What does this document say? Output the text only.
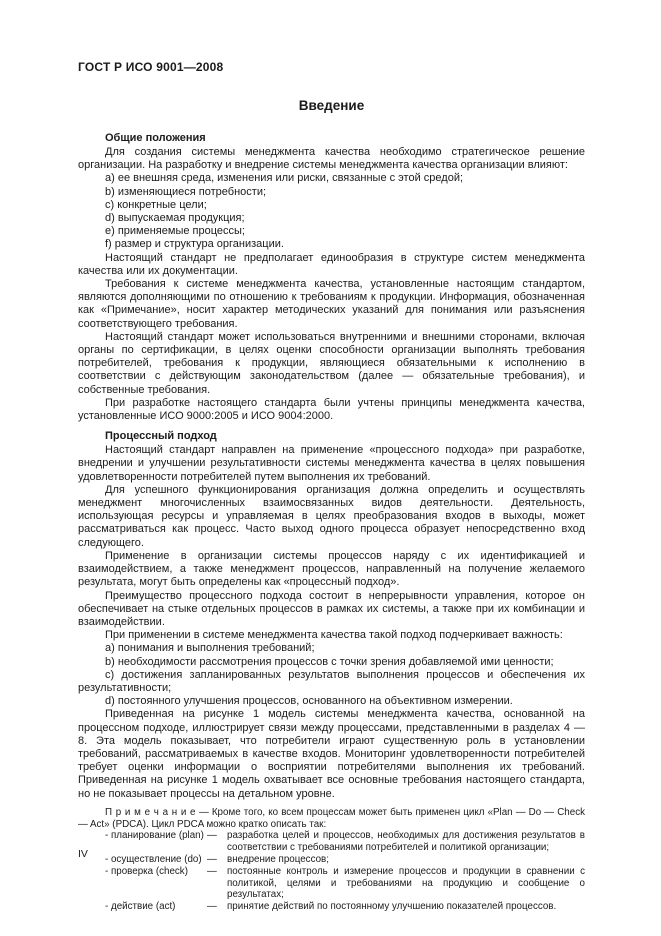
ГОСТ Р ИСО 9001—2008
Введение
Общие положения

Для создания системы менеджмента качества необходимо стратегическое решение организации. На разработку и внедрение системы менеджмента качества организации влияют:

a) ее внешняя среда, изменения или риски, связанные с этой средой;

b) изменяющиеся потребности;

c) конкретные цели;

d) выпускаемая продукция;

e) применяемые процессы;

f) размер и структура организации.

Настоящий стандарт не предполагает единообразия в структуре систем менеджмента качества или их документации.

Требования к системе менеджмента качества, установленные настоящим стандартом, являются дополняющими по отношению к требованиям к продукции. Информация, обозначенная как «Примечание», носит характер методических указаний для понимания или разъяснения соответствующего требования.

Настоящий стандарт может использоваться внутренними и внешними сторонами, включая органы по сертификации, в целях оценки способности организации выполнять требования потребителей, требования к продукции, являющиеся обязательными к исполнению в соответствии с действующим законодательством (далее — обязательные требования), и собственные требования.

При разработке настоящего стандарта были учтены принципы менеджмента качества, установленные ИСО 9000:2005 и ИСО 9004:2000.

Процессный подход

Настоящий стандарт направлен на применение «процессного подхода» при разработке, внедрении и улучшении результативности системы менеджмента качества в целях повышения удовлетворенности потребителей путем выполнения их требований.

Для успешного функционирования организация должна определить и осуществлять менеджмент многочисленных взаимосвязанных видов деятельности. Деятельность, использующая ресурсы и управляемая в целях преобразования входов в выходы, может рассматриваться как процесс. Часто выход одного процесса образует непосредственно вход следующего.

Применение в организации системы процессов наряду с их идентификацией и взаимодействием, а также менеджмент процессов, направленный на получение желаемого результата, могут быть определены как «процессный подход».

Преимущество процессного подхода состоит в непрерывности управления, которое он обеспечивает на стыке отдельных процессов в рамках их системы, а также при их комбинации и взаимодействии.

При применении в системе менеджмента качества такой подход подчеркивает важность:

a) понимания и выполнения требований;

b) необходимости рассмотрения процессов с точки зрения добавляемой ими ценности;

c) достижения запланированных результатов выполнения процессов и обеспечения их результативности;

d) постоянного улучшения процессов, основанного на объективном измерении.

Приведенная на рисунке 1 модель системы менеджмента качества, основанной на процессном подходе, иллюстрирует связи между процессами, представленными в разделах 4 — 8. Эта модель показывает, что потребители играют существенную роль в установлении требований, рассматриваемых в качестве входов. Мониторинг удовлетворенности потребителей требует оценки информации о восприятии потребителями выполнения их требований. Приведенная на рисунке 1 модель охватывает все основные требования настоящего стандарта, но не показывает процессы на детальном уровне.

П р и м е ч а н и е — Кроме того, ко всем процессам может быть применен цикл «Plan — Do — Check — Act» (PDCA). Цикл PDCA можно кратко описать так:

- планирование (plan) —	разработка целей и процессов, необходимых для достижения результатов в соответствии с требованиями потребителей и политикой организации;
- осуществление (do) —	внедрение процессов;
- проверка (check)	—	постоянные контроль и измерение процессов и продукции в сравнении с политикой, целями и требованиями на продукцию и сообщение о результатах;
- действие (act)	—	принятие действий по постоянному улучшению показателей процессов.
IV
